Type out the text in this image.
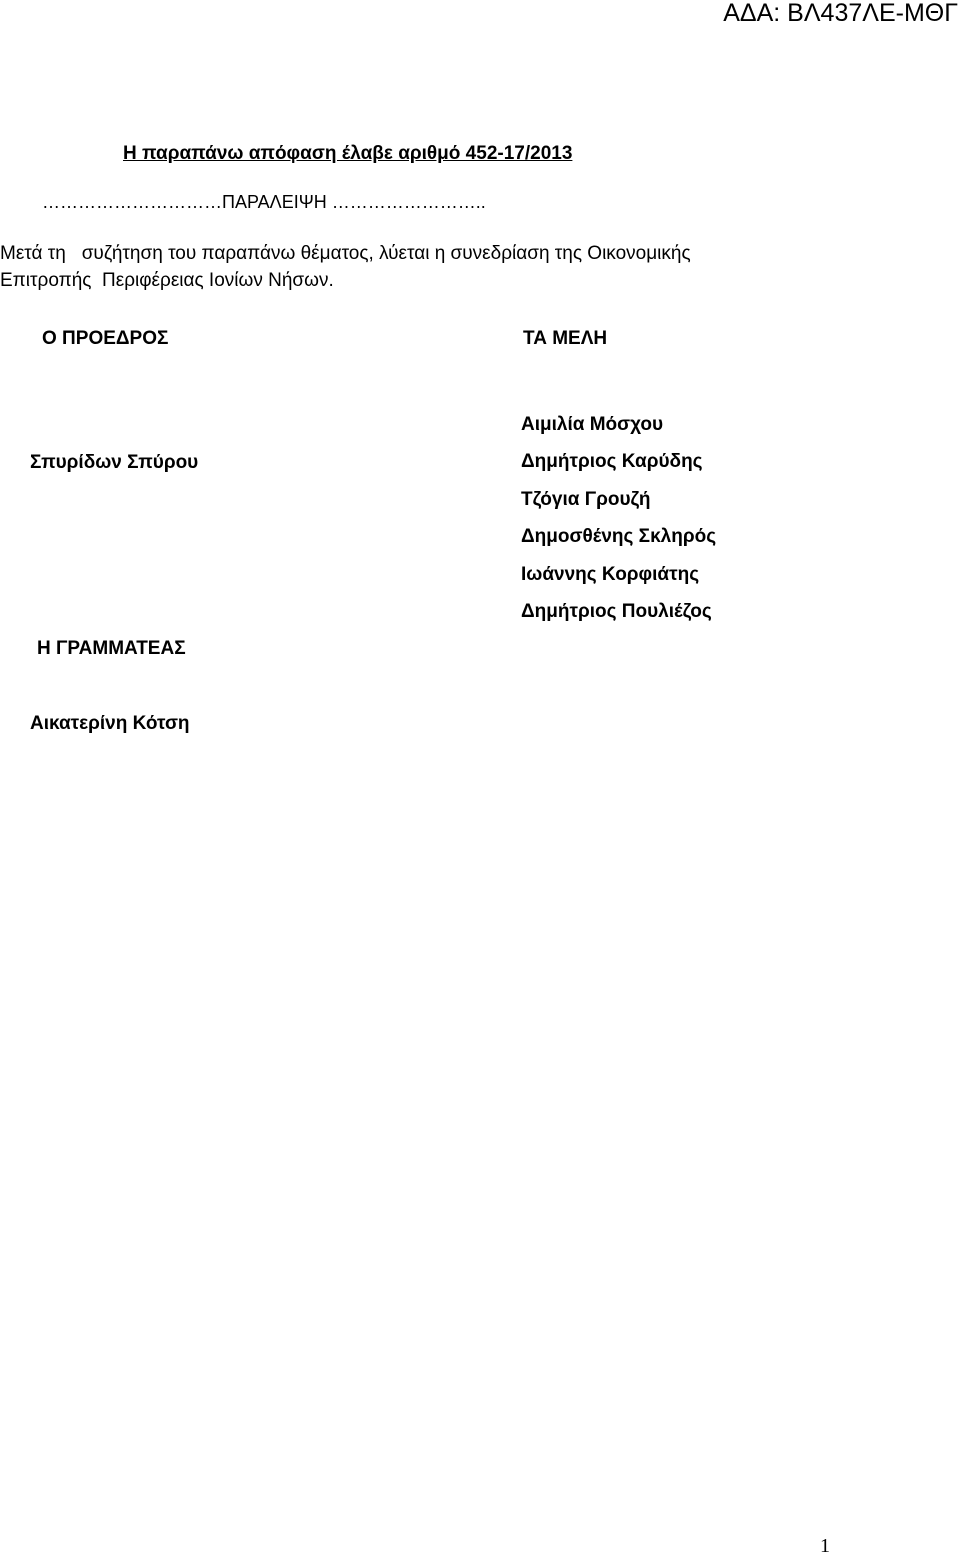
ΑΔΑ: ΒΛ437ΛΕ-ΜΘΓ
Η παραπάνω απόφαση έλαβε αριθμό 452-17/2013
…………………………ΠΑΡΑΛΕΙΨΗ ……………………..
Μετά τη   συζήτηση του παραπάνω θέματος, λύεται η συνεδρίαση της Οικονομικής
Επιτροπής  Περιφέρειας Ιονίων Νήσων.
Ο ΠΡΟΕΔΡΟΣ	ΤΑ ΜΕΛΗ
Σπυρίδων Σπύρου
Αιμιλία Μόσχου
Δημήτριος Καρύδης
Τζόγια Γρουζή
Δημοσθένης Σκληρός
Ιωάννης Κορφιάτης
Δημήτριος Πουλιέζος
Η ΓΡΑΜΜΑΤΕΑΣ
Αικατερίνη Κότση
1
